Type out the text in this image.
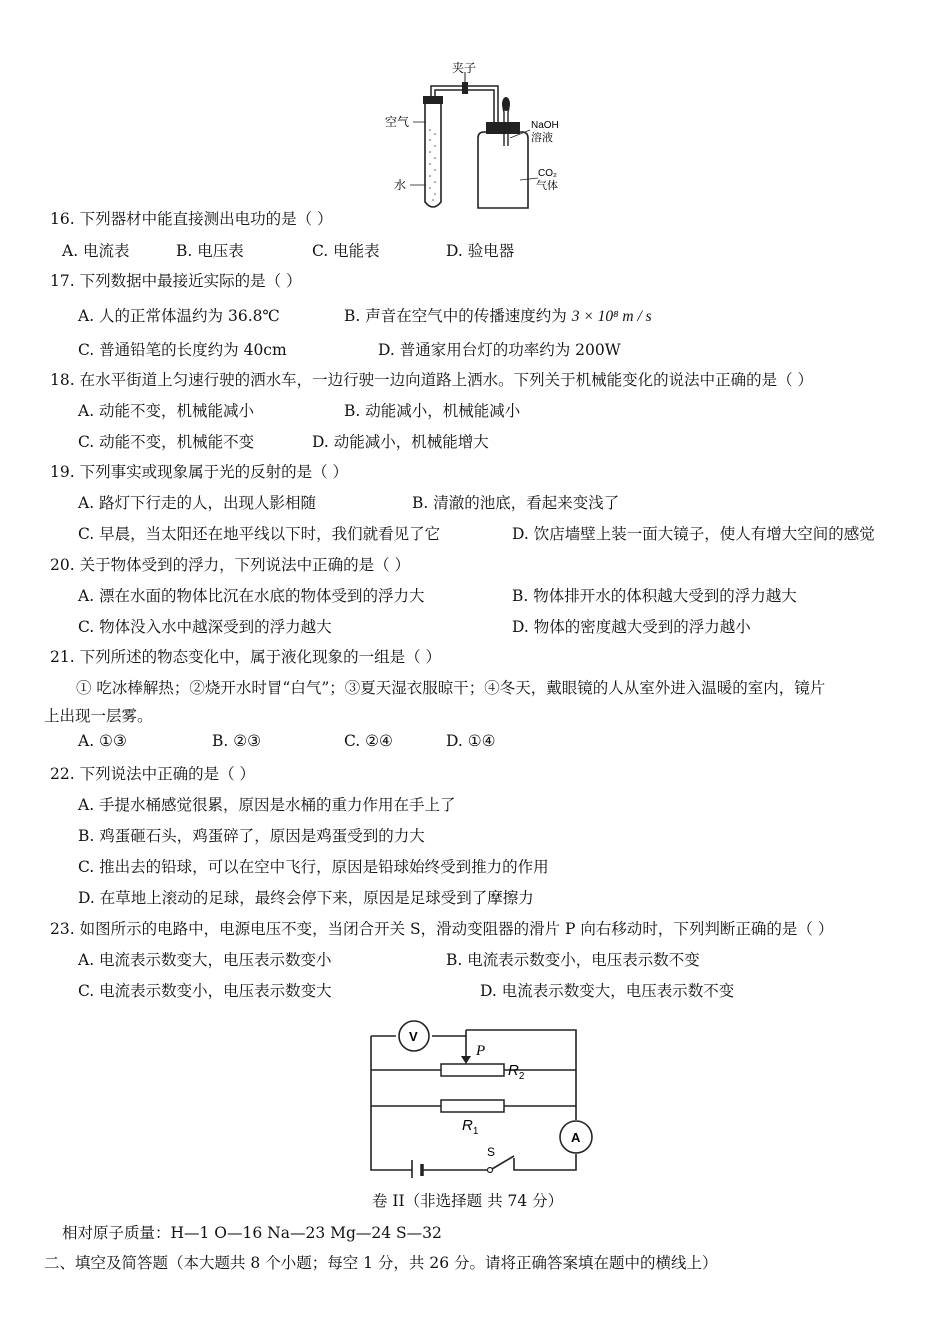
夹子
空气
水
NaOH
溶液
CO₂
气体
16. 下列器材中能直接测出电功的是（ ）
A. 电流表	B. 电压表	C. 电能表	D. 验电器
17. 下列数据中最接近实际的是（ ）
A. 人的正常体温约为 36.8℃	B. 声音在空气中的传播速度约为 3 × 10⁸ m / s
C. 普通铅笔的长度约为 40cm	D. 普通家用台灯的功率约为 200W
18. 在水平街道上匀速行驶的洒水车，一边行驶一边向道路上洒水。下列关于机械能变化的说法中正确的是（ ）
A. 动能不变，机械能减小	B. 动能减小，机械能减小
C. 动能不变，机械能不变	D. 动能减小，机械能增大
19. 下列事实或现象属于光的反射的是（ ）
A. 路灯下行走的人，出现人影相随	B. 清澈的池底，看起来变浅了
C. 早晨，当太阳还在地平线以下时，我们就看见了它	D. 饮店墙壁上装一面大镜子，使人有增大空间的感觉
20. 关于物体受到的浮力，下列说法中正确的是（ ）
A. 漂在水面的物体比沉在水底的物体受到的浮力大	B. 物体排开水的体积越大受到的浮力越大
C. 物体没入水中越深受到的浮力越大	D. 物体的密度越大受到的浮力越小
21. 下列所述的物态变化中，属于液化现象的一组是（ ）
① 吃冰棒解热；②烧开水时冒“白气”；③夏天湿衣服晾干；④冬天，戴眼镜的人从室外进入温暖的室内，镜片
上出现一层雾。
A. ①③	B. ②③	C. ②④	D. ①④
22. 下列说法中正确的是（ ）
A. 手提水桶感觉很累，原因是水桶的重力作用在手上了
B. 鸡蛋砸石头，鸡蛋碎了，原因是鸡蛋受到的力大
C. 推出去的铅球，可以在空中飞行，原因是铅球始终受到推力的作用
D. 在草地上滚动的足球，最终会停下来，原因是足球受到了摩擦力
23. 如图所示的电路中，电源电压不变，当闭合开关 S，滑动变阻器的滑片 P 向右移动时，下列判断正确的是（ ）
A. 电流表示数变大，电压表示数变小	B. 电流表示数变小，电压表示数不变
C. 电流表示数变小，电压表示数变大	D. 电流表示数变大，电压表示数不变
V
P
$R_2$
$R_1$	A
S
卷 II（非选择题 共 74 分）
相对原子质量：H—1 O—16 Na—23 Mg—24 S—32
二、填空及简答题（本大题共 8 个小题；每空 1 分，共 26 分。请将正确答案填在题中的横线上）
